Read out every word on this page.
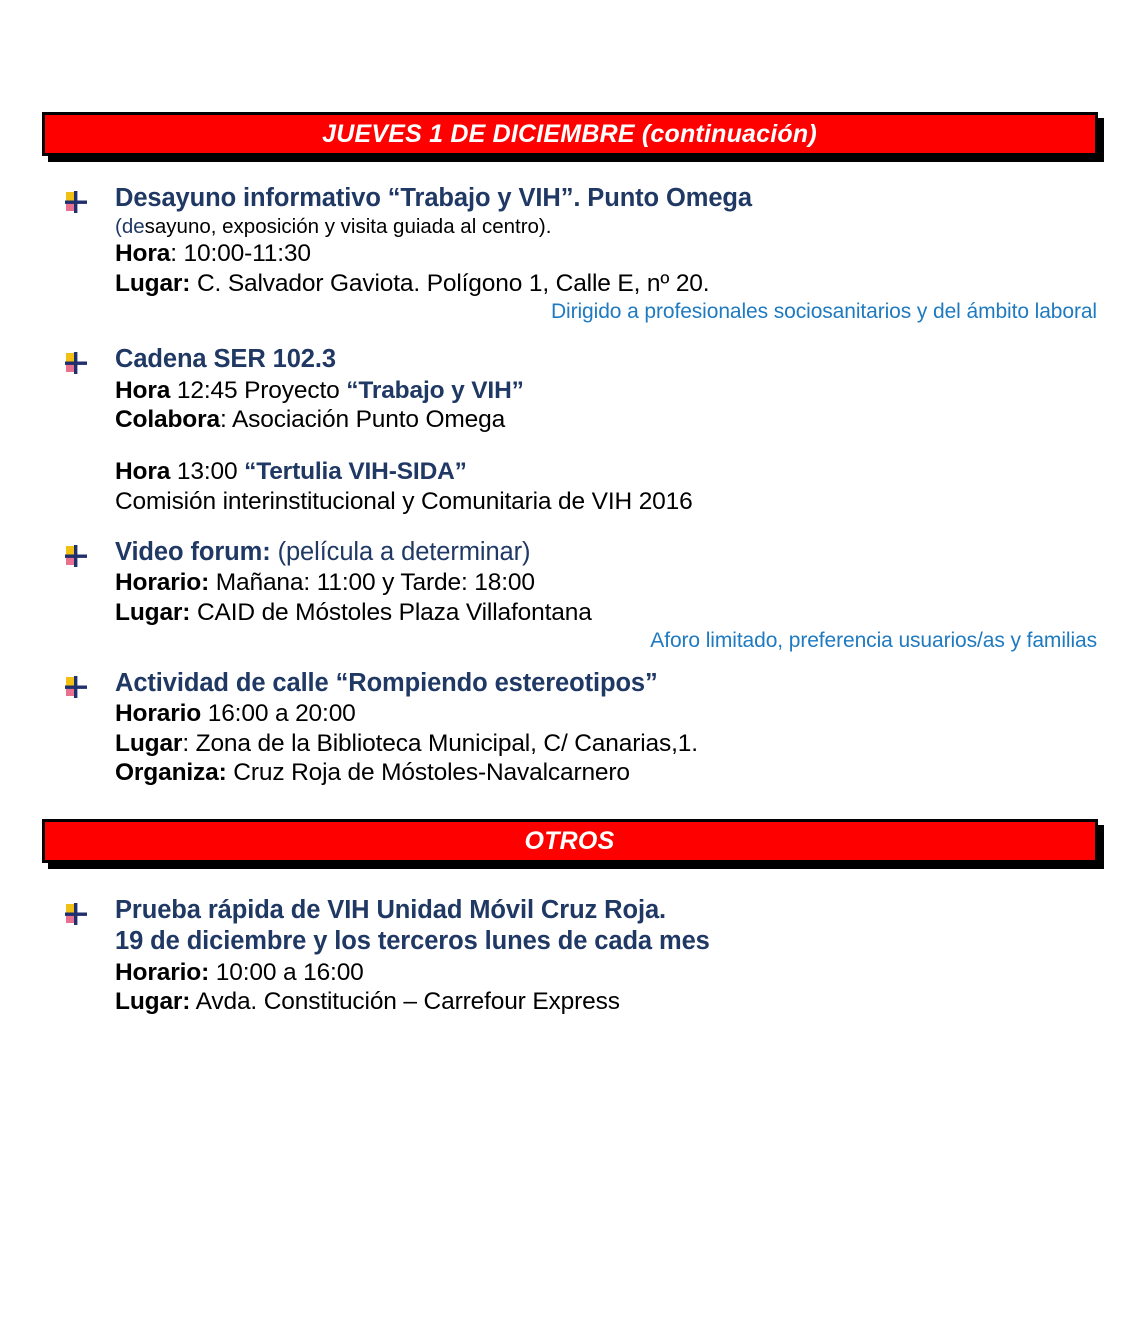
JUEVES 1 DE DICIEMBRE (continuación)
Desayuno informativo “Trabajo y VIH”. Punto Omega
(desayuno, exposición y visita guiada al centro).
Hora: 10:00-11:30
Lugar: C. Salvador Gaviota. Polígono 1, Calle E, nº 20.
Dirigido a profesionales sociosanitarios y del ámbito laboral
Cadena SER 102.3
Hora 12:45 Proyecto “Trabajo y VIH”
Colabora: Asociación Punto Omega
Hora 13:00 “Tertulia VIH-SIDA”
Comisión interinstitucional y Comunitaria de VIH 2016
Video forum: (película a determinar)
Horario: Mañana: 11:00 y Tarde: 18:00
Lugar: CAID de Móstoles Plaza Villafontana
Aforo limitado, preferencia usuarios/as y familias
Actividad de calle “Rompiendo estereotipos”
Horario 16:00 a 20:00
Lugar: Zona de la Biblioteca Municipal, C/ Canarias,1.
Organiza: Cruz Roja de Móstoles-Navalcarnero
OTROS
Prueba rápida de VIH Unidad Móvil Cruz Roja.
19 de diciembre y los terceros lunes de cada mes
Horario: 10:00 a 16:00
Lugar: Avda. Constitución – Carrefour Express
